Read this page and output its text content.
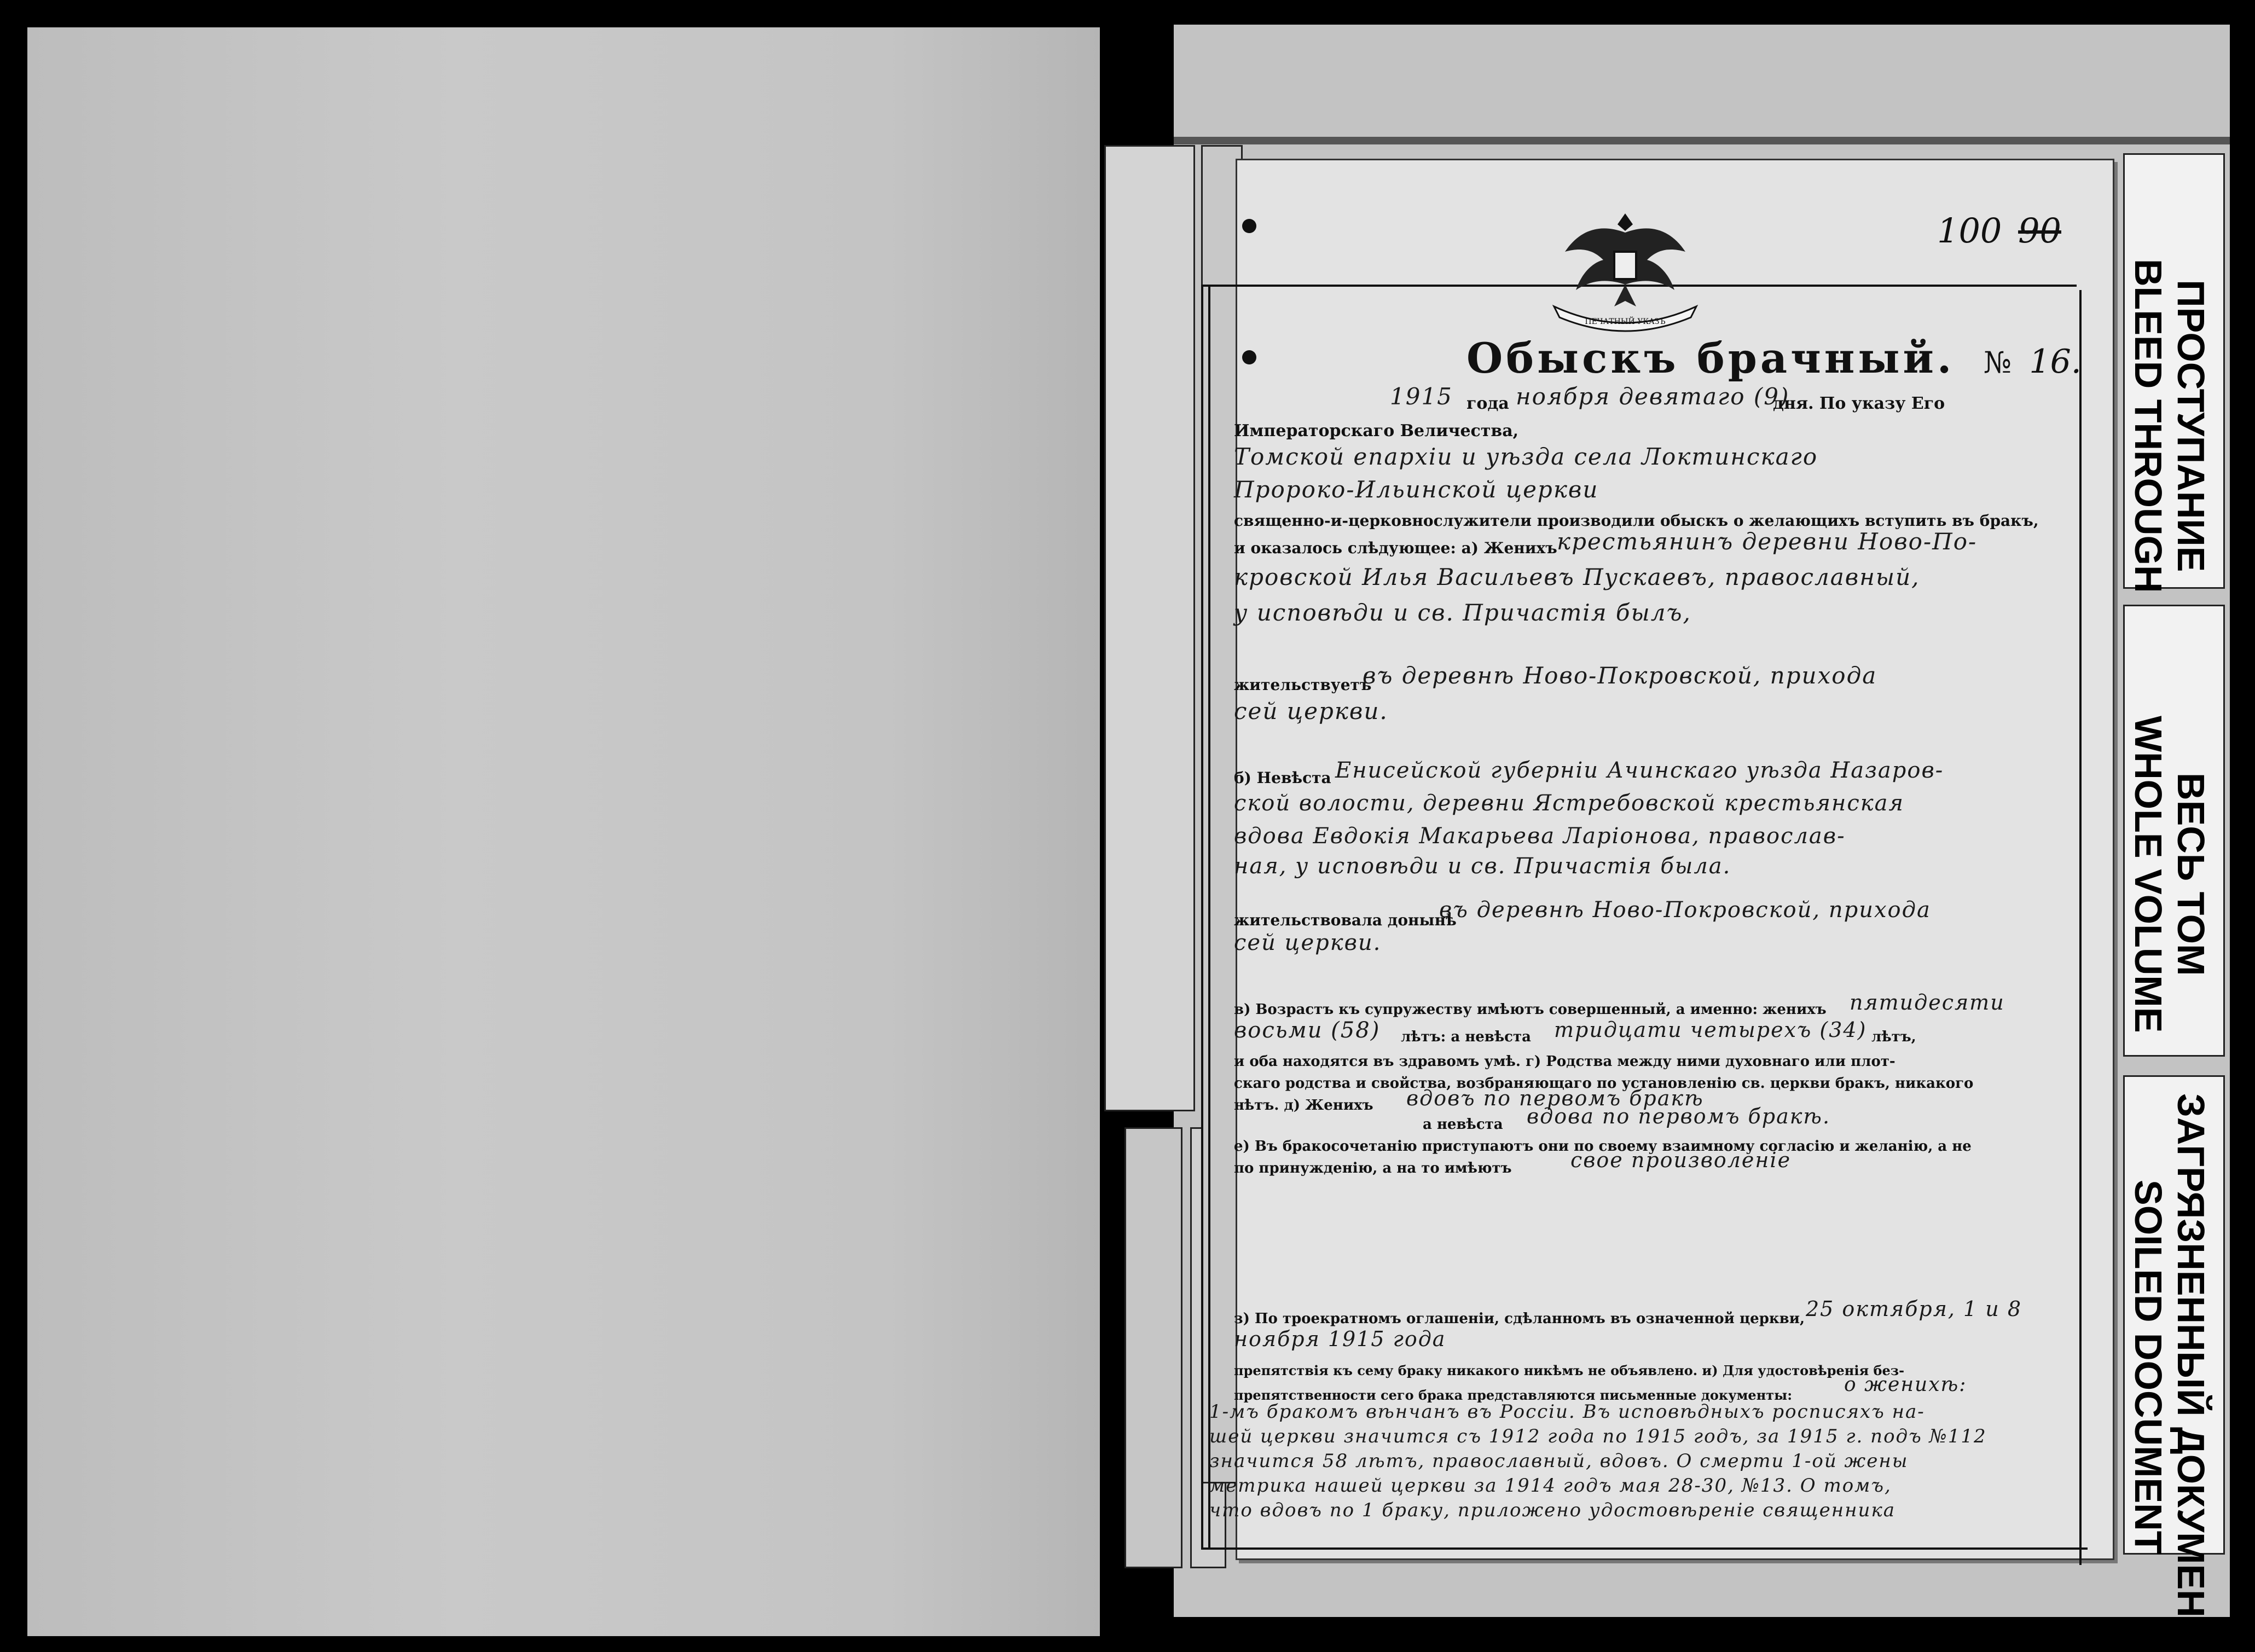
100 90
ПЕЧАТНЫЙ УКАЗЪ
Обыскъ брачный. № 16.
1915 года ноября девятаго (9)
дня. По указу Его
Императорскаго Величества,
Томской епархіи и уѣзда села Локтинскаго
Пророко-Ильинской церкви
священно-и-церковнослужители производили обыскъ о желающихъ вступить въ бракъ,
и оказалось слѣдующее: а) Женихъ крестьянинъ деревни Ново-По-
кровской Илья Васильевъ Пускаевъ, православный,
у исповѣди и св. Причастія былъ,
жительствуетъ
въ деревнѣ Ново-Покровской, прихода
сей церкви.
б) Невѣста Енисейской губерніи Ачинскаго уѣзда Назаров-
ской волости, деревни Ястребовской крестьянская
вдова Евдокія Макарьева Ларіонова, православ-
ная, у исповѣди и св. Причастія была.
жительствовала донынѣ
въ деревнѣ Ново-Покровской, прихода
сей церкви.
в) Возрастъ къ супружеству имѣютъ совершенный, а именно: женихъ пятидесяти
восьми (58) лѣтъ: а невѣста тридцати четырехъ (34) лѣтъ,
и оба находятся въ здравомъ умѣ. г) Родства между ними духовнаго или плот-
скаго родства и свойства, возбраняющаго по установленію св. церкви бракъ, никакого
нѣтъ. д) Женихъ вдовъ по первомъ бракѣ
а невѣста вдова по первомъ бракѣ.
е) Въ бракосочетанію приступаютъ они по своему взаимному согласію и желанію, а не
по принужденію, а на то имѣютъ	свое произволеніе
з) По троекратномъ оглашеніи, сдѣланномъ въ означенной церкви, 25 октября, 1 и 8
ноября 1915 года
препятствія къ сему браку никакого никѣмъ не объявлено. и) Для удостовѣренія без-
препятственности сего брака представляются письменные документы:	о женихѣ:
1-мъ бракомъ вѣнчанъ въ Россіи. Въ исповѣдныхъ росписяхъ на-
шей церкви значится съ 1912 года по 1915 годъ, за 1915 г. подъ №112
значится 58 лѣтъ, православный, вдовъ. О смерти 1-ой жены
метрика нашей церкви за 1914 годъ мая 28-30, №13. О томъ,
что вдовъ по 1 браку, приложено удостовѣреніе священника
ПРОСТУПАНИЕ
BLEED THROUGH
ВЕСЬ ТОМ
WHOLE VOLUME
ЗАГРЯЗНЕННЫЙ ДОКУМЕНТ
SOILED DOCUMENT
